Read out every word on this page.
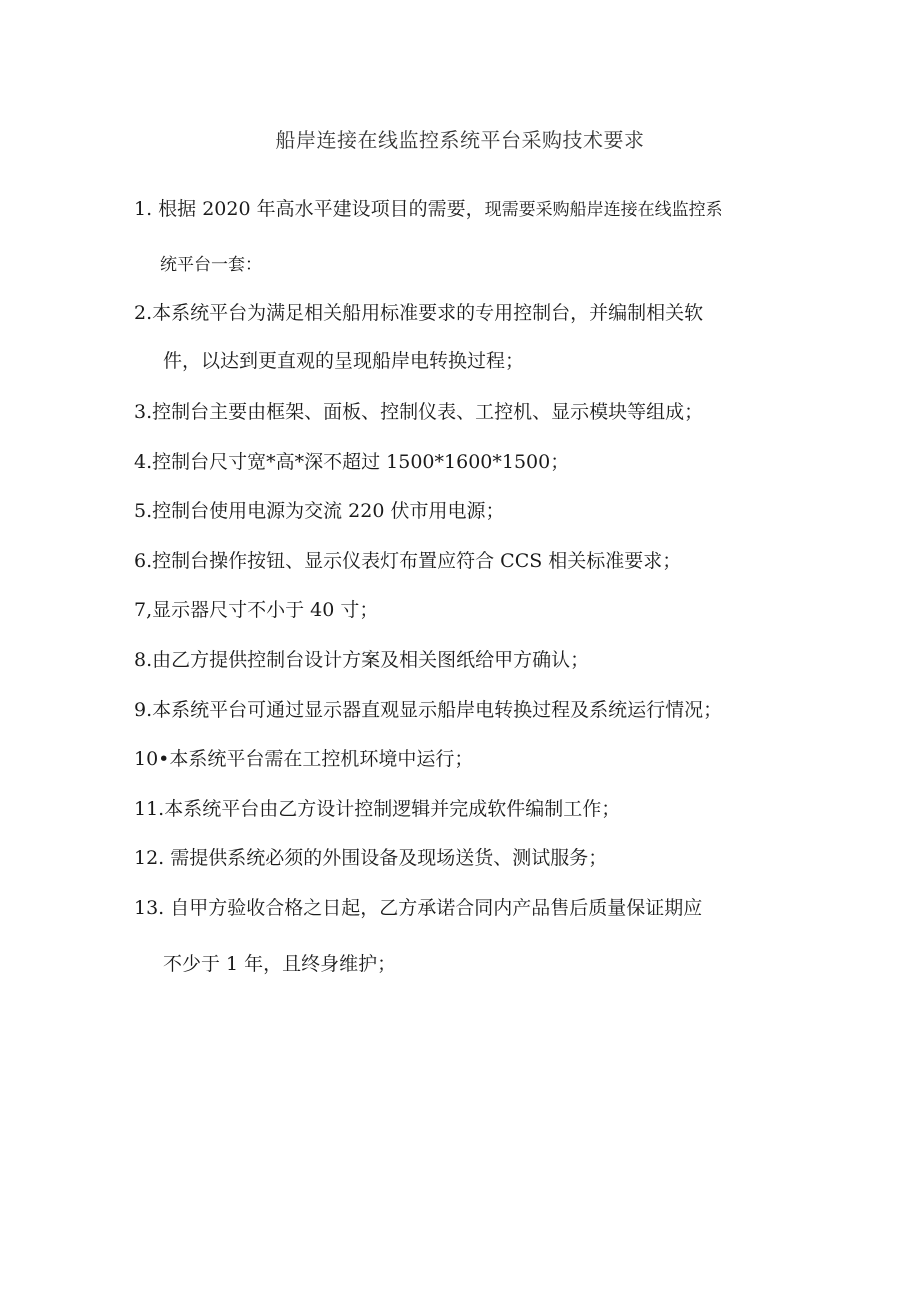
船岸连接在线监控系统平台采购技术要求
1. 根据 2020 年高水平建设项目的需要，现需要采购船岸连接在线监控系
统平台一套：
2.本系统平台为满足相关船用标准要求的专用控制台，并编制相关软
件，以达到更直观的呈现船岸电转换过程；
3.控制台主要由框架、面板、控制仪表、工控机、显示模块等组成；
4.控制台尺寸宽*高*深不超过 1500*1600*1500；
5.控制台使用电源为交流 220 伏市用电源；
6.控制台操作按钮、显示仪表灯布置应符合 CCS 相关标准要求；
7,显示器尺寸不小于 40 寸；
8.由乙方提供控制台设计方案及相关图纸给甲方确认；
9.本系统平台可通过显示器直观显示船岸电转换过程及系统运行情况；
10•本系统平台需在工控机环境中运行；
11.本系统平台由乙方设计控制逻辑并完成软件编制工作；
12. 需提供系统必须的外围设备及现场送货、测试服务；
13. 自甲方验收合格之日起，乙方承诺合同内产品售后质量保证期应
不少于 1 年，且终身维护；
